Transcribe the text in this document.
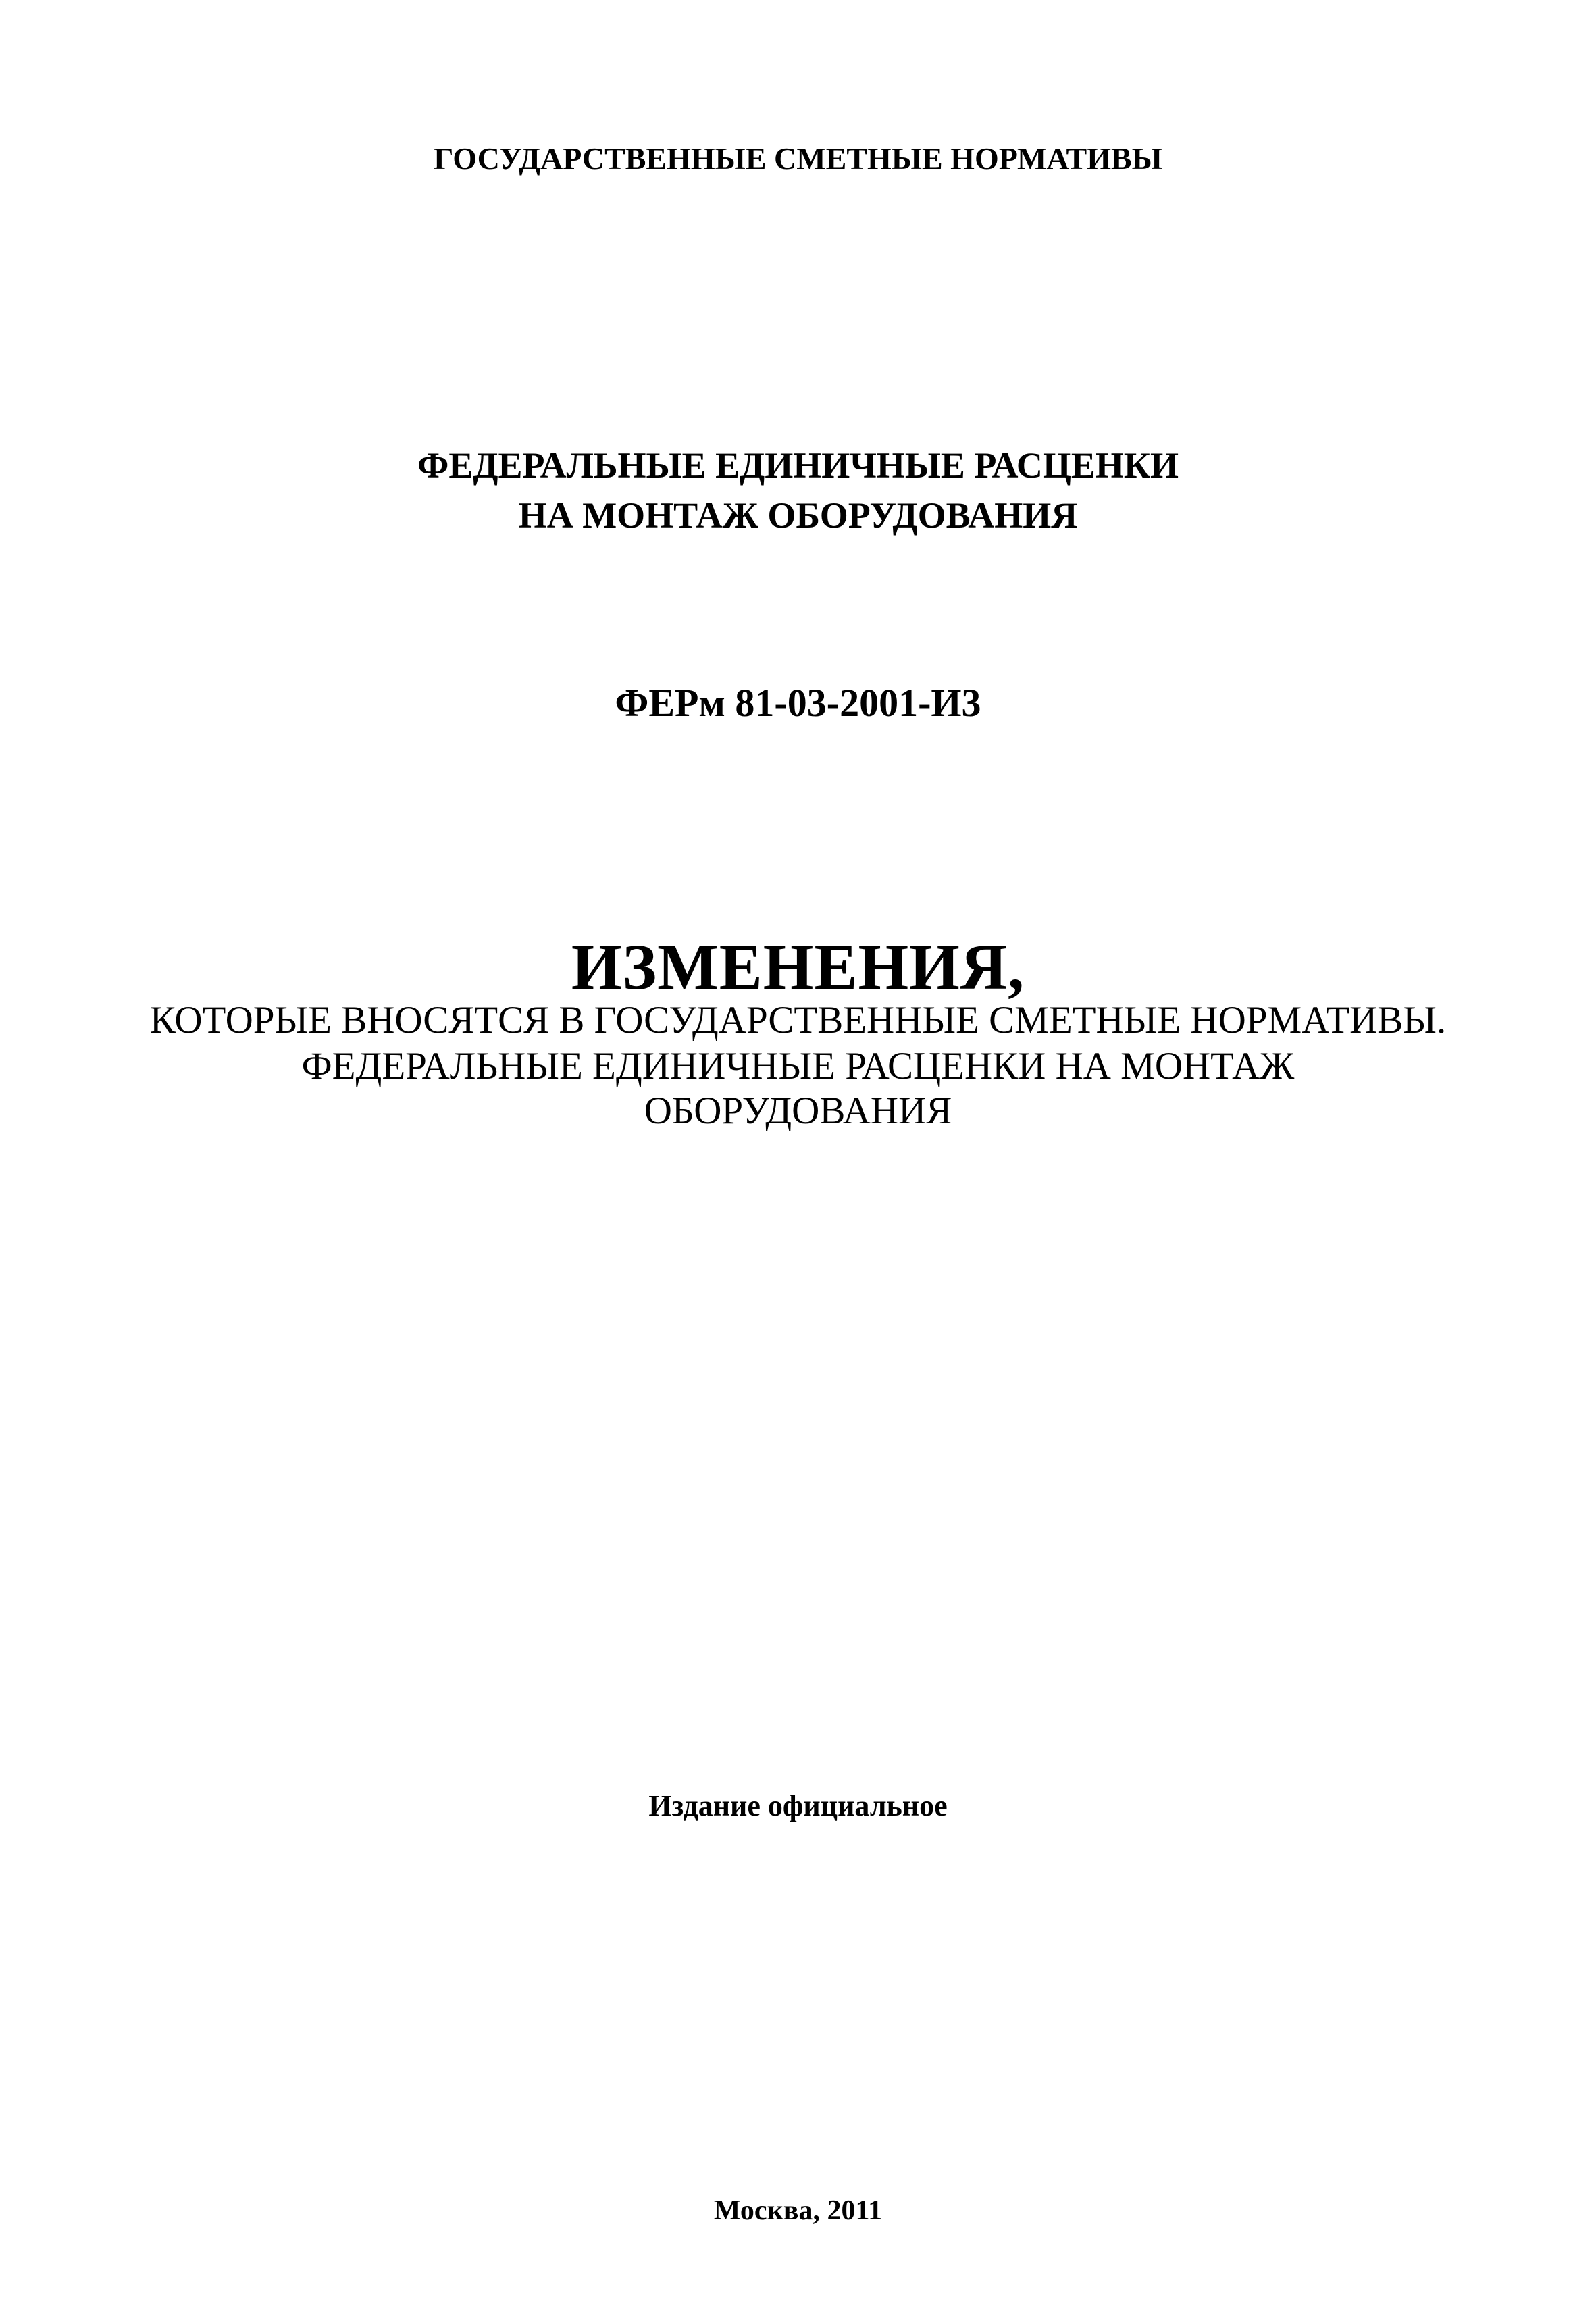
ГОСУДАРСТВЕННЫЕ СМЕТНЫЕ НОРМАТИВЫ
ФЕДЕРАЛЬНЫЕ ЕДИНИЧНЫЕ РАСЦЕНКИ
НА МОНТАЖ ОБОРУДОВАНИЯ
ФЕРм 81-03-2001-И3
ИЗМЕНЕНИЯ,
КОТОРЫЕ ВНОСЯТСЯ В ГОСУДАРСТВЕННЫЕ СМЕТНЫЕ НОРМАТИВЫ.
ФЕДЕРАЛЬНЫЕ ЕДИНИЧНЫЕ РАСЦЕНКИ НА МОНТАЖ
ОБОРУДОВАНИЯ
Издание официальное
Москва, 2011
